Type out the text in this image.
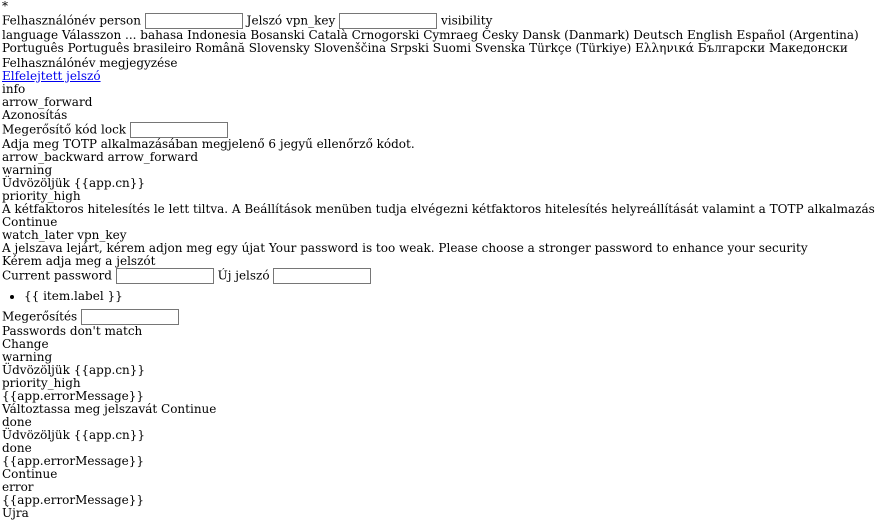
*
Felhasználónév person	Jelszó vpn_key	visibility
language Válasszon ... bahasa Indonesia Bosanski Català Crnogorski Cymraeg Česky Dansk (Danmark) Deutsch English Español (Argentina)
Português Português brasileiro Română Slovensky Slovenščina Srpski Suomi Svenska Türkçe (Türkiye) Ελληνικά Български Македонски
Felhasználónév megjegyzése
Elfelejtett jelszó
info
arrow_forward
Azonosítás
Megerősítő kód lock
Adja meg TOTP alkalmazásában megjelenő 6 jegyű ellenőrző kódot.
arrow_backward arrow_forward
warning
Üdvözöljük {{app.cn}}
priority_high
A kétfaktoros hitelesítés le lett tiltva. A Beállítások menüben tudja elvégezni kétfaktoros hitelesítés helyreállítását valamint a TOTP alkalmazás
Continue
watch_later vpn_key
A jelszava lejárt, kérem adjon meg egy újat Your password is too weak. Please choose a stronger password to enhance your security
Kérem adja meg a jelszót
Current password	Új jelszó
• {{ item.label }}
Megerősítés
Passwords don't match
Change
warning
Üdvözöljük {{app.cn}}
priority_high
{{app.errorMessage}}
Változtassa meg jelszavát Continue
done
Üdvözöljük {{app.cn}}
done
{{app.errorMessage}}
Continue
error
{{app.errorMessage}}
Újra
